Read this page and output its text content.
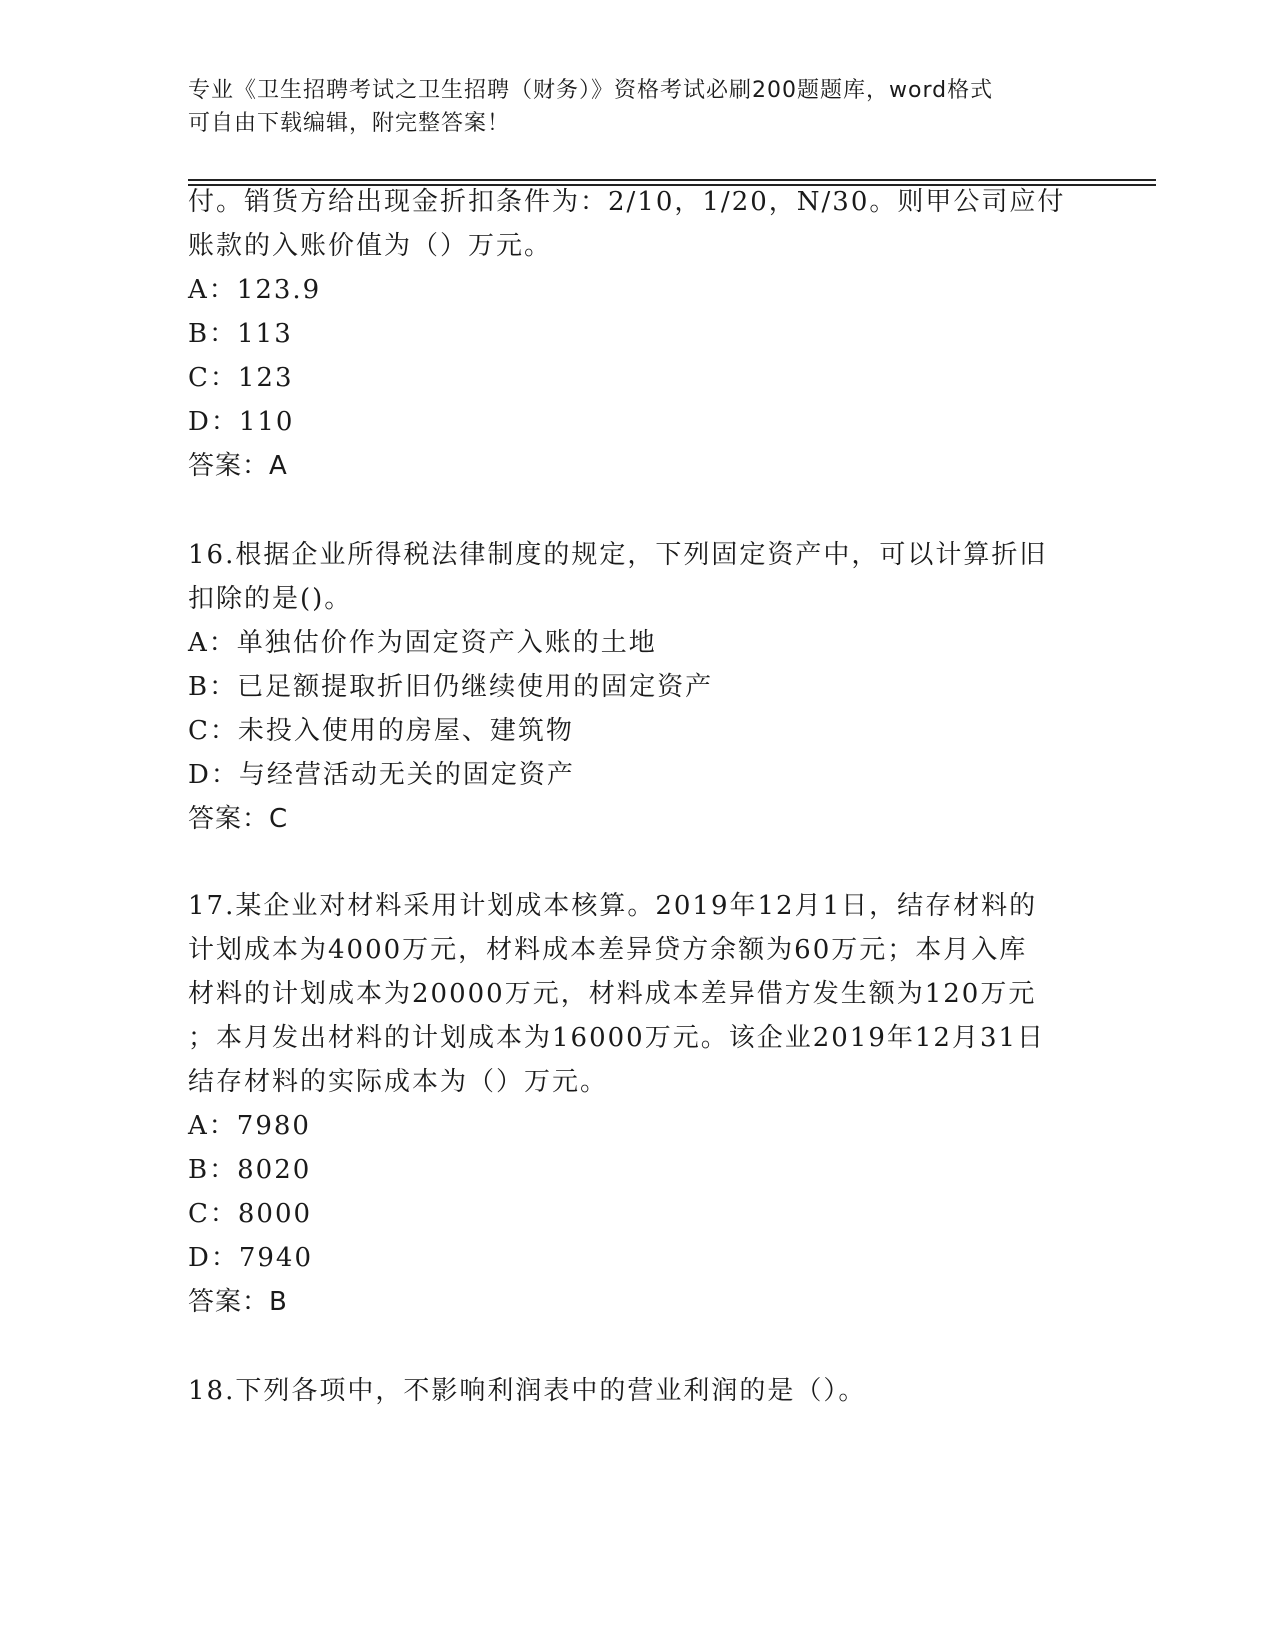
专业《卫生招聘考试之卫生招聘（财务）》资格考试必刷200题题库，word格式
可自由下载编辑，附完整答案！
付。销货方给出现金折扣条件为：2/10，1/20，N/30。则甲公司应付
账款的入账价值为（）万元。
A：123.9
B：113
C：123
D：110
答案：A
16.根据企业所得税法律制度的规定，下列固定资产中，可以计算折旧
扣除的是()。
A：单独估价作为固定资产入账的土地
B：已足额提取折旧仍继续使用的固定资产
C：未投入使用的房屋、建筑物
D：与经营活动无关的固定资产
答案：C
17.某企业对材料采用计划成本核算。2019年12月1日，结存材料的
计划成本为4000万元，材料成本差异贷方余额为60万元；本月入库
材料的计划成本为20000万元，材料成本差异借方发生额为120万元
；本月发出材料的计划成本为16000万元。该企业2019年12月31日
结存材料的实际成本为（）万元。
A：7980
B：8020
C：8000
D：7940
答案：B
18.下列各项中，不影响利润表中的营业利润的是（）。
